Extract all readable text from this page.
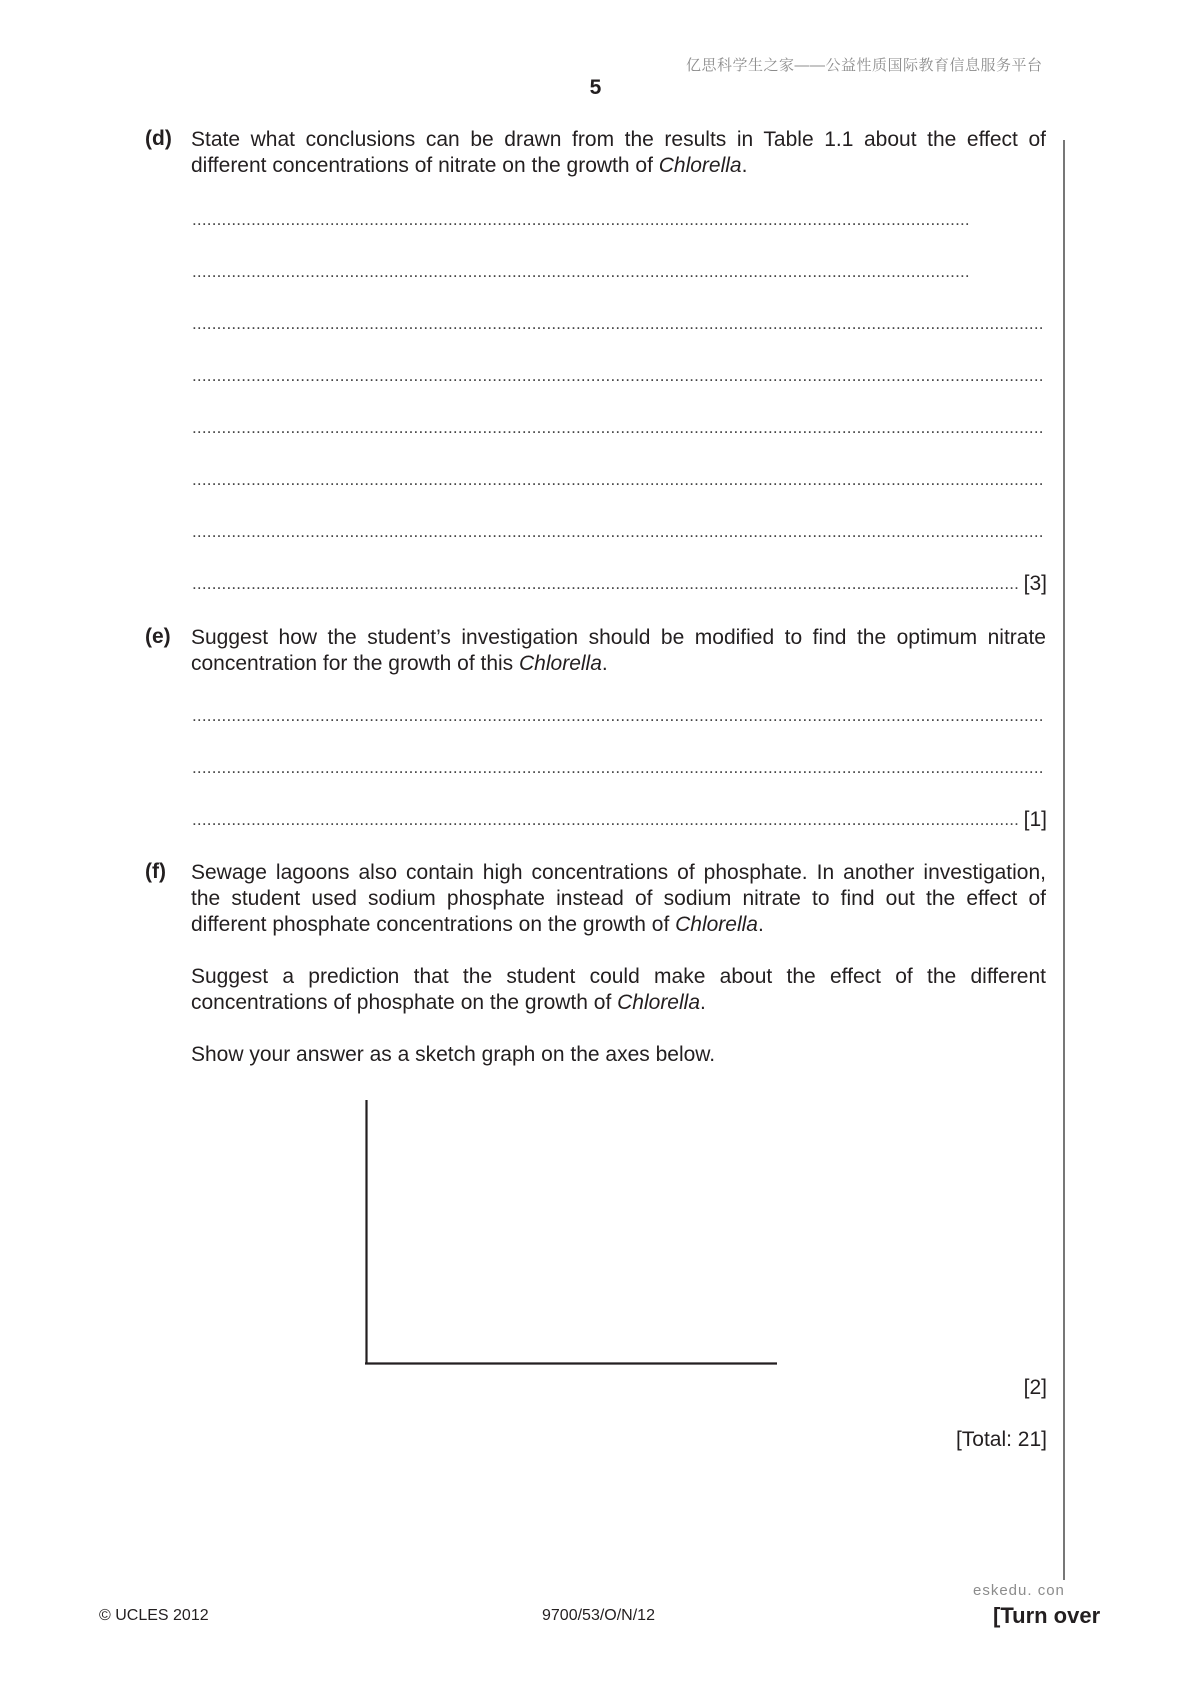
亿思科学生之家——公益性质国际教育信息服务平台
5
(d) State what conclusions can be drawn from the results in Table 1.1 about the effect of different concentrations of nitrate on the growth of Chlorella.
.....
.....
.....
.....
.....
.....
.....
.....
[3]
(e) Suggest how the student’s investigation should be modified to find the optimum nitrate concentration for the growth of this Chlorella.
.....
.....
.....
[1]
(f) Sewage lagoons also contain high concentrations of phosphate. In another investigation, the student used sodium phosphate instead of sodium nitrate to find out the effect of different phosphate concentrations on the growth of Chlorella.
Suggest a prediction that the student could make about the effect of the different concentrations of phosphate on the growth of Chlorella.
Show your answer as a sketch graph on the axes below.
[2]
[Total: 21]
© UCLES 2012	9700/53/O/N/12
eskedu. con
[Turn over
